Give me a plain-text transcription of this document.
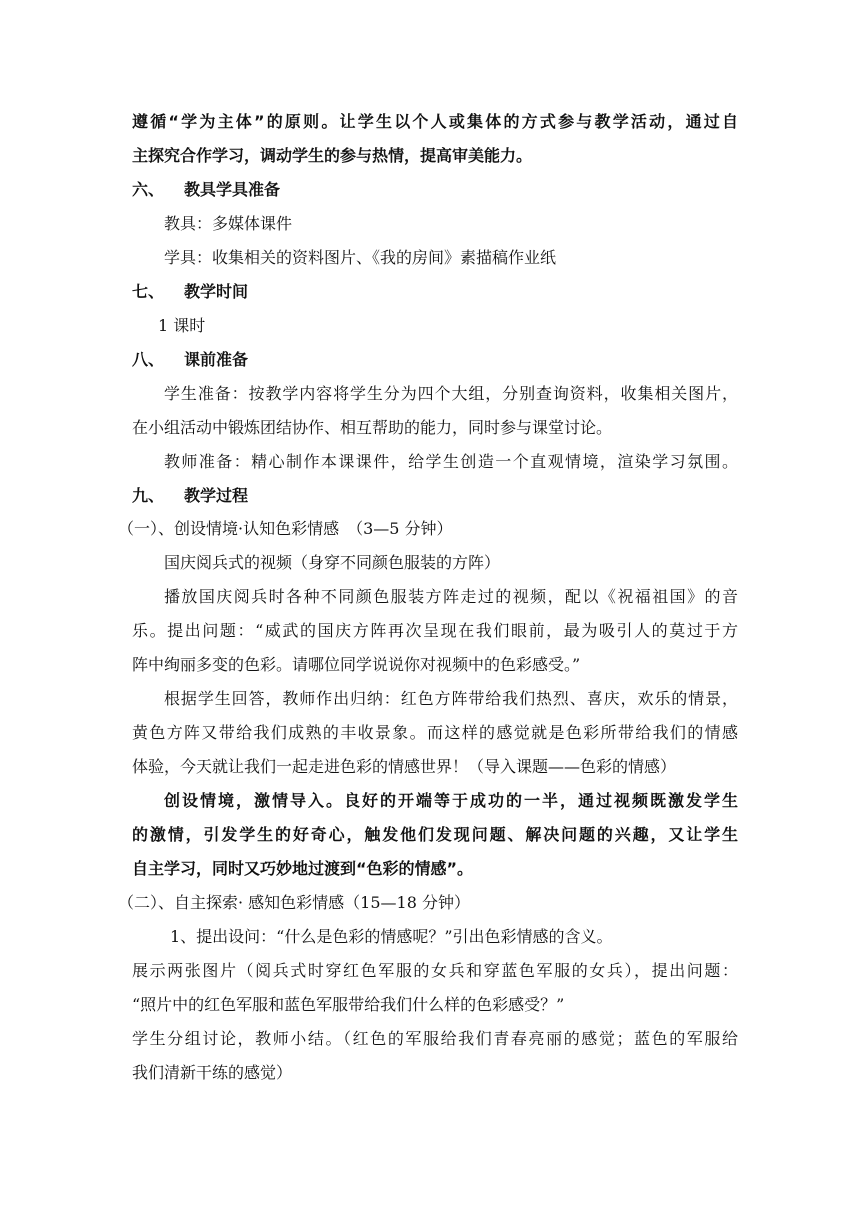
遵循“学为主体”的原则。让学生以个人或集体的方式参与教学活动，通过自
主探究合作学习，调动学生的参与热情，提高审美能力。
六、 教具学具准备
教具：多媒体课件
学具：收集相关的资料图片、《我的房间》素描稿作业纸
七、 教学时间
1 课时
八、 课前准备
学生准备：按教学内容将学生分为四个大组，分别查询资料，收集相关图片，
在小组活动中锻炼团结协作、相互帮助的能力，同时参与课堂讨论。
教师准备：精心制作本课课件，给学生创造一个直观情境，渲染学习氛围。
九、 教学过程
（一）、创设情境·认知色彩情感　（3—5 分钟）
国庆阅兵式的视频（身穿不同颜色服装的方阵）
播放国庆阅兵时各种不同颜色服装方阵走过的视频，配以《祝福祖国》的音
乐。提出问题：“威武的国庆方阵再次呈现在我们眼前，最为吸引人的莫过于方
阵中绚丽多变的色彩。请哪位同学说说你对视频中的色彩感受。”
根据学生回答，教师作出归纳：红色方阵带给我们热烈、喜庆，欢乐的情景，
黄色方阵又带给我们成熟的丰收景象。而这样的感觉就是色彩所带给我们的情感
体验，今天就让我们一起走进色彩的情感世界！（导入课题——色彩的情感）
创设情境，激情导入。良好的开端等于成功的一半，通过视频既激发学生
的激情，引发学生的好奇心，触发他们发现问题、解决问题的兴趣，又让学生
自主学习，同时又巧妙地过渡到“色彩的情感”。
（二）、自主探索· 感知色彩情感（15—18 分钟）
1、提出设问：“什么是色彩的情感呢？”引出色彩情感的含义。
展示两张图片（阅兵式时穿红色军服的女兵和穿蓝色军服的女兵），提出问题：
“照片中的红色军服和蓝色军服带给我们什么样的色彩感受？”
学生分组讨论，教师小结。（红色的军服给我们青春亮丽的感觉；蓝色的军服给
我们清新干练的感觉）
